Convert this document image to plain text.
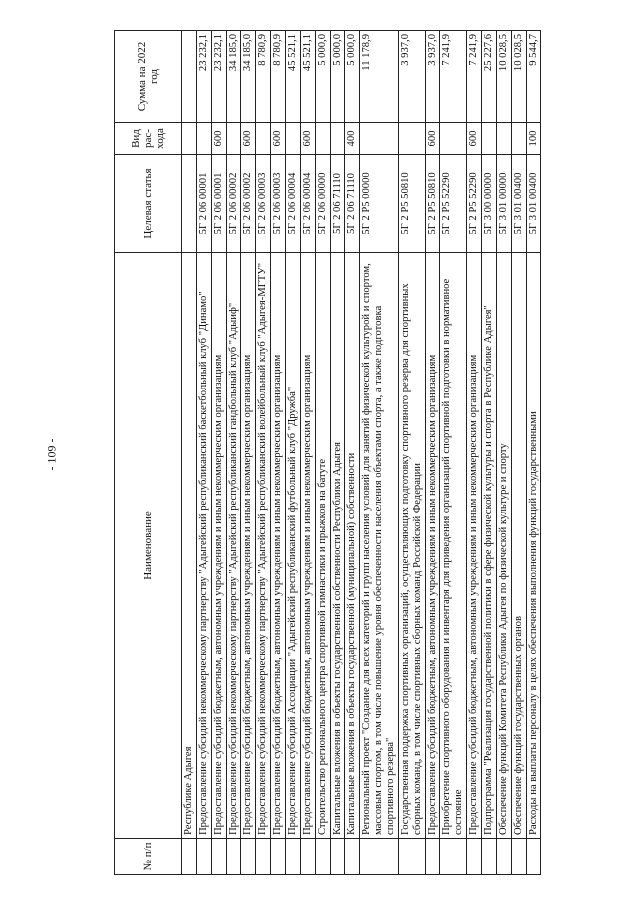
- 109 -
№ п/п	Наименование	Целевая статья	Вид рас- хода	Сумма на 2022 год
	Республике Адыгея			
	Предоставление субсидий некоммерческому партнерству "Адыгейский республиканский баскетбольный клуб "Динамо"	5Г 2 06 00001		23 232,1
	Предоставление субсидий бюджетным, автономным учреждениям и иным некоммерческим организациям	5Г 2 06 00001	600	23 232,1
	Предоставление субсидий некоммерческому партнерству "Адыгейский республиканский гандбольный клуб "Адыиф"	5Г 2 06 00002		34 185,0
	Предоставление субсидий бюджетным, автономным учреждениям и иным некоммерческим организациям	5Г 2 06 00002	600	34 185,0
	Предоставление субсидий некоммерческому партнерству "Адыгейский республиканский волейбольный клуб "Адыгея-МГТУ"	5Г 2 06 00003		8 780,9
	Предоставление субсидий бюджетным, автономным учреждениям и иным некоммерческим организациям	5Г 2 06 00003	600	8 780,9
	Предоставление субсидий Ассоциации "Адыгейский республиканский футбольный клуб "Дружба"	5Г 2 06 00004		45 521,1
	Предоставление субсидий бюджетным, автономным учреждениям и иным некоммерческим организациям	5Г 2 06 00004	600	45 521,1
	Строительство регионального центра спортивной гимнастики и прыжков на батуте	5Г 2 06 00000		5 000,0
	Капитальные вложения в объекты государственной собственности Республики Адыгея	5Г 2 06 71110		5 000,0
	Капитальные вложения в объекты государственной (муниципальной) собственности	5Г 2 06 71110	400	5 000,0
	Региональный проект "Создание для всех категорий и групп населения условий для занятий физической культурой и спортом, массовым спортом, в том числе повышение уровня обеспеченности населения объектами спорта, а также подготовка спортивного резерва"	5Г 2 Р5 00000		11 178,9
	Государственная поддержка спортивных организаций, осуществляющих подготовку спортивного резерва для спортивных сборных команд, в том числе спортивных сборных команд Российской Федерации	5Г 2 Р5 50810		3 937,0
	Предоставление субсидий бюджетным, автономным учреждениям и иным некоммерческим организациям	5Г 2 Р5 50810	600	3 937,0
	Приобретение спортивного оборудования и инвентаря для приведения организаций спортивной подготовки в нормативное состояние	5Г 2 Р5 52290		7 241,9
	Предоставление субсидий бюджетным, автономным учреждениям и иным некоммерческим организациям	5Г 2 Р5 52290	600	7 241,9
	Подпрограмма "Реализация государственной политики в сфере физической культуры и спорта в Республике Адыгея"	5Г 3 00 00000		25 227,6
	Обеспечение функций Комитета Республики Адыгея по физической культуре и спорту	5Г 3 01 00000		10 028,5
	Обеспечение функций государственных органов	5Г 3 01 00400		10 028,5
	Расходы на выплаты персоналу в целях обеспечения выполнения функций государственными	5Г 3 01 00400	100	9 544,7
